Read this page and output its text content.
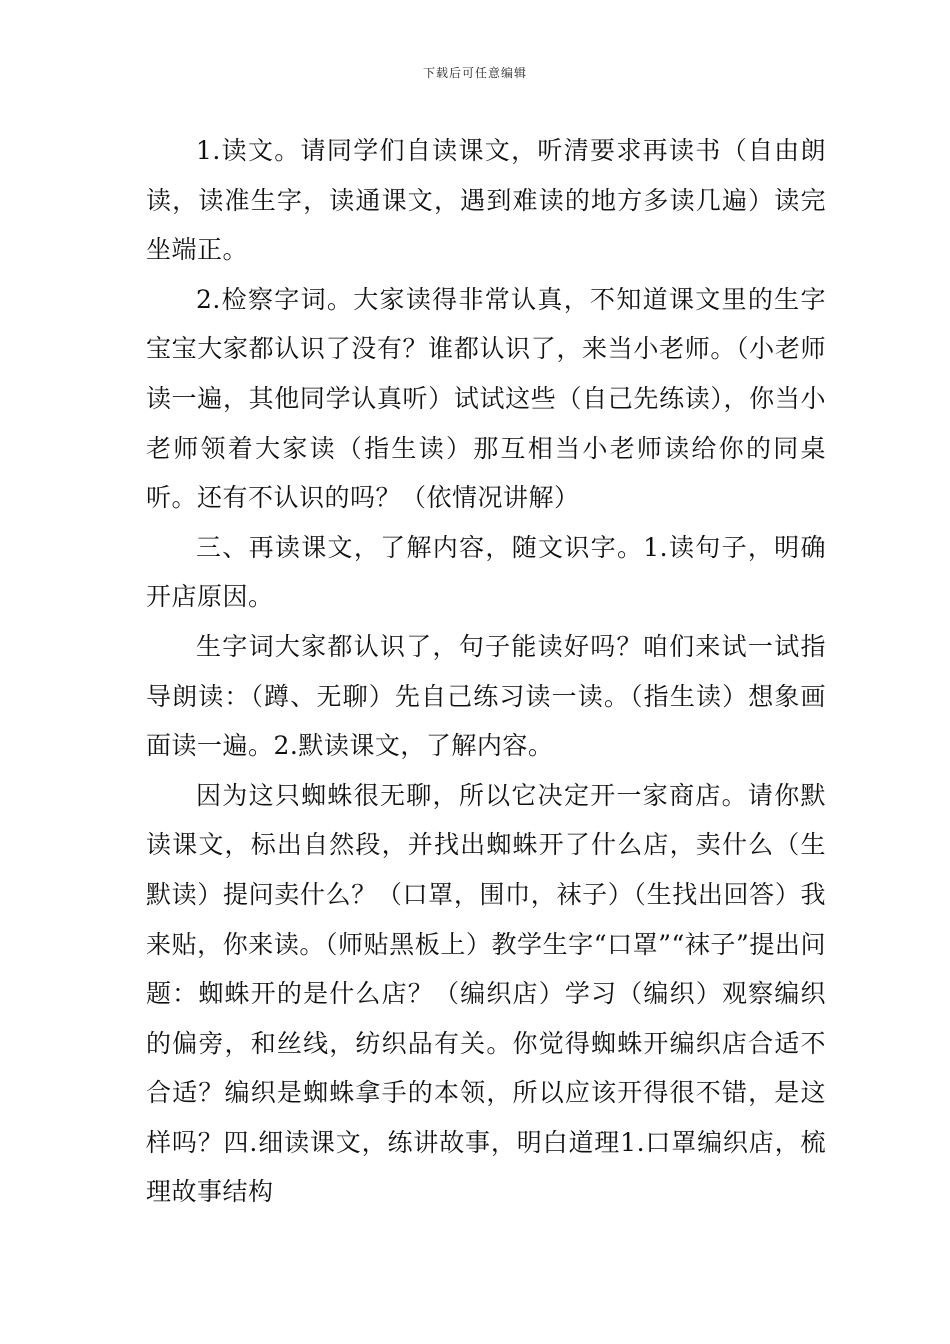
下载后可任意编辑

1.读文。请同学们自读课文，听清要求再读书（自由朗读，读准生字，读通课文，遇到难读的地方多读几遍）读完坐端正。

2.检察字词。大家读得非常认真，不知道课文里的生字宝宝大家都认识了没有？谁都认识了，来当小老师。（小老师读一遍，其他同学认真听）试试这些（自己先练读），你当小老师领着大家读（指生读）那互相当小老师读给你的同桌听。还有不认识的吗？（依情况讲解）

三、再读课文，了解内容，随文识字。1.读句子，明确开店原因。

生字词大家都认识了，句子能读好吗？咱们来试一试指导朗读：（蹲、无聊）先自己练习读一读。（指生读）想象画面读一遍。2.默读课文，了解内容。

因为这只蜘蛛很无聊，所以它决定开一家商店。请你默读课文，标出自然段，并找出蜘蛛开了什么店，卖什么（生默读）提问卖什么？（口罩，围巾，袜子）（生找出回答）我来贴，你来读。（师贴黑板上）教学生字“口罩”“袜子”提出问题：蜘蛛开的是什么店？（编织店）学习（编织）观察编织的偏旁，和丝线，纺织品有关。你觉得蜘蛛开编织店合适不合适？编织是蜘蛛拿手的本领，所以应该开得很不错，是这样吗？四.细读课文，练讲故事，明白道理1.口罩编织店，梳理故事结构
